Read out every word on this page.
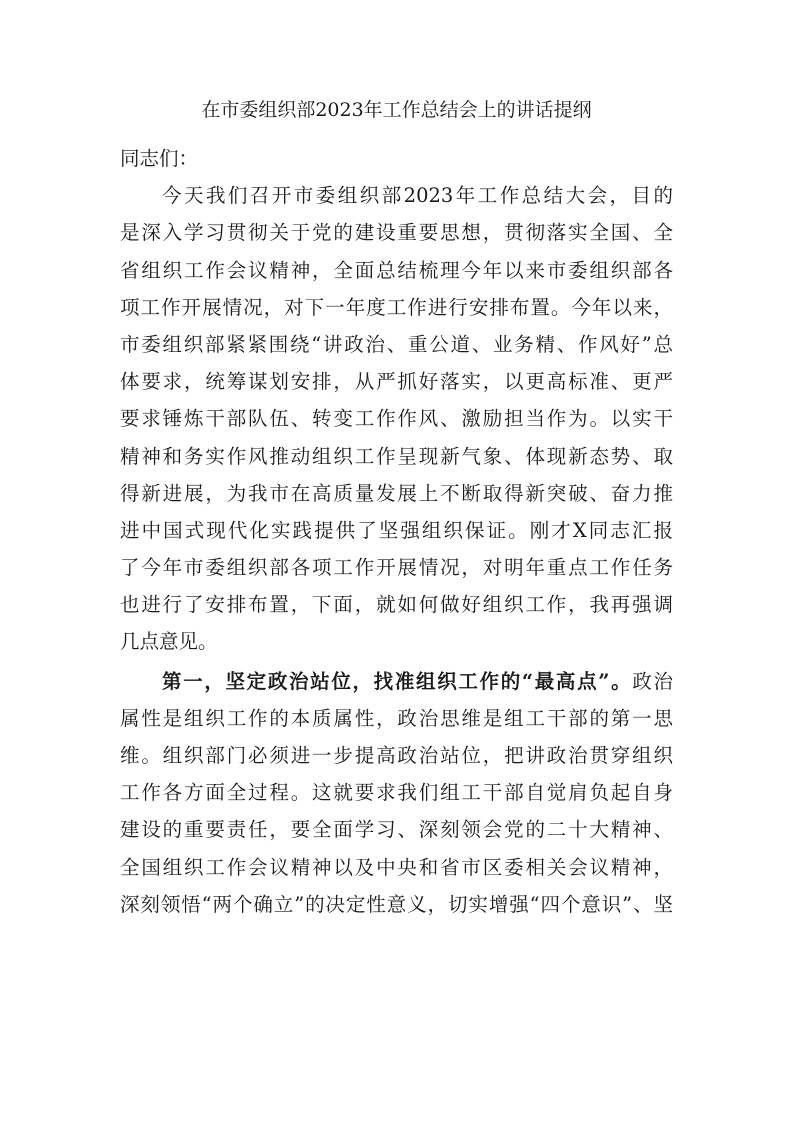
在市委组织部2023年工作总结会上的讲话提纲
同志们：
今天我们召开市委组织部2023年工作总结大会，目的
是深入学习贯彻关于党的建设重要思想，贯彻落实全国、全
省组织工作会议精神，全面总结梳理今年以来市委组织部各
项工作开展情况，对下一年度工作进行安排布置。今年以来，
市委组织部紧紧围绕“讲政治、重公道、业务精、作风好”总
体要求，统筹谋划安排，从严抓好落实，以更高标准、更严
要求锤炼干部队伍、转变工作作风、激励担当作为。以实干
精神和务实作风推动组织工作呈现新气象、体现新态势、取
得新进展，为我市在高质量发展上不断取得新突破、奋力推
进中国式现代化实践提供了坚强组织保证。刚才X同志汇报
了今年市委组织部各项工作开展情况，对明年重点工作任务
也进行了安排布置，下面，就如何做好组织工作，我再强调
几点意见。
第一，坚定政治站位，找准组织工作的“最高点”。政治
属性是组织工作的本质属性，政治思维是组工干部的第一思
维。组织部门必须进一步提高政治站位，把讲政治贯穿组织
工作各方面全过程。这就要求我们组工干部自觉肩负起自身
建设的重要责任，要全面学习、深刻领会党的二十大精神、
全国组织工作会议精神以及中央和省市区委相关会议精神，
深刻领悟“两个确立”的决定性意义，切实增强“四个意识”、坚
